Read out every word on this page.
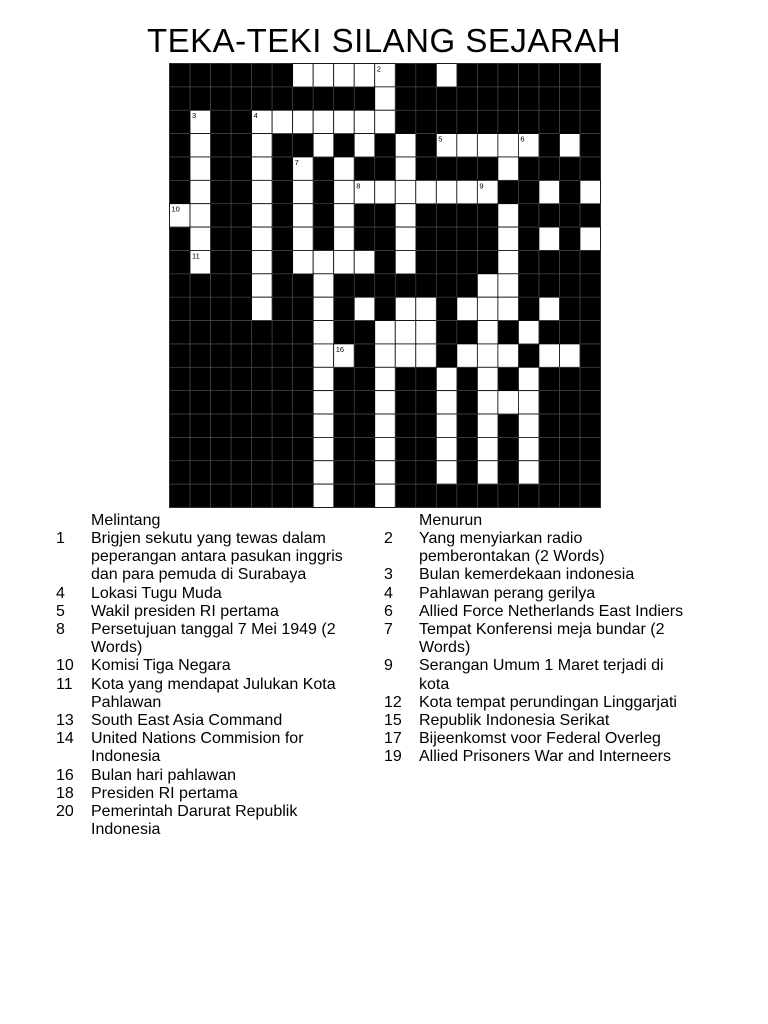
TEKA-TEKI SILANG SEJARAH
1	2
3	4
5	6
7
8	9
10
11
12	13
14
15	16	17
18	19
20
Melintang
1	Brigjen sekutu yang tewas dalam peperangan antara pasukan inggris dan para pemuda di Surabaya
4	Lokasi Tugu Muda
5	Wakil presiden RI pertama
8	Persetujuan tanggal 7 Mei 1949 (2 Words)
10	Komisi Tiga Negara
11	Kota yang mendapat Julukan Kota Pahlawan
13	South East Asia Command
14	United Nations Commision for Indonesia
16	Bulan hari pahlawan
18	Presiden RI pertama
20	Pemerintah Darurat Republik
Indonesia
Menurun
2	Yang menyiarkan radio pemberontakan (2 Words)
3	Bulan kemerdekaan indonesia
4	Pahlawan perang gerilya
6	Allied Force Netherlands East Indiers
7	Tempat Konferensi meja bundar (2 Words)
9	Serangan Umum 1 Maret terjadi di kota
12	Kota tempat perundingan Linggarjati
15	Republik Indonesia Serikat
17	Bijeenkomst voor Federal Overleg
19	Allied Prisoners War and Interneers
